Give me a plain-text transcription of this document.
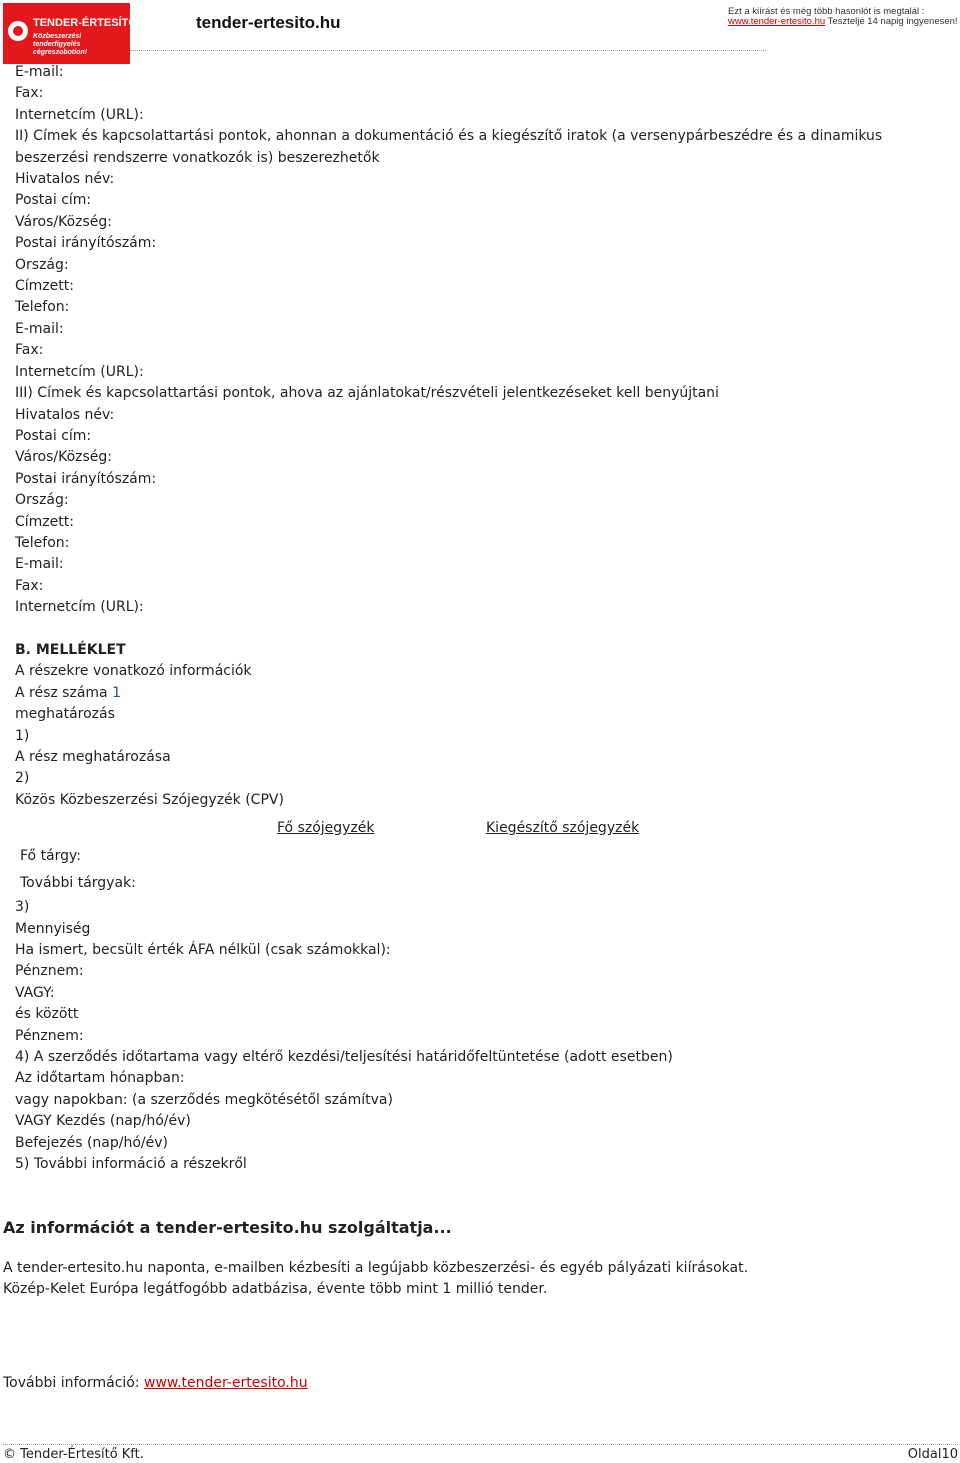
TENDER-ÉRTESÍTŐ.hu
Közbeszerzési tenderfigyelés cégreszobotion!
tender-ertesito.hu
Ezt a kiírást és még több hasonlót is megtalál :
www.tender-ertesito.hu Tesztelje 14 napig ingyenesen!
E-mail:
Fax:
Internetcím (URL):
II) Címek és kapcsolattartási pontok, ahonnan a dokumentáció és a kiegészítő iratok (a versenypárbeszédre és a dinamikus
beszerzési rendszerre vonatkozók is) beszerezhetők
Hivatalos név:
Postai cím:
Város/Község:
Postai irányítószám:
Ország:
Címzett:
Telefon:
E-mail:
Fax:
Internetcím (URL):
III) Címek és kapcsolattartási pontok, ahova az ajánlatokat/részvételi jelentkezéseket kell benyújtani
Hivatalos név:
Postai cím:
Város/Község:
Postai irányítószám:
Ország:
Címzett:
Telefon:
E-mail:
Fax:
Internetcím (URL):
B. MELLÉKLET
A részekre vonatkozó információk
A rész száma 1
meghatározás
1)
A rész meghatározása
2)
Közös Közbeszerzési Szójegyzék (CPV)
Fő szójegyzék	Kiegészítő szójegyzék
Fő tárgy:
További tárgyak:
3)
Mennyiség
Ha ismert, becsült érték ÁFA nélkül (csak számokkal):
Pénznem:
VAGY:
és között
Pénznem:
4) A szerződés időtartama vagy eltérő kezdési/teljesítési határidőfeltüntetése (adott esetben)
Az időtartam hónapban:
vagy napokban: (a szerződés megkötésétől számítva)
VAGY Kezdés (nap/hó/év)
Befejezés (nap/hó/év)
5) További információ a részekről
Az információt a tender-ertesito.hu szolgáltatja...
A tender-ertesito.hu naponta, e-mailben kézbesíti a legújabb közbeszerzési- és egyéb pályázati kiírásokat.
Közép-Kelet Európa legátfogóbb adatbázisa, évente több mint 1 millió tender.
További információ: www.tender-ertesito.hu
© Tender-Értesítő Kft.	Oldal10
